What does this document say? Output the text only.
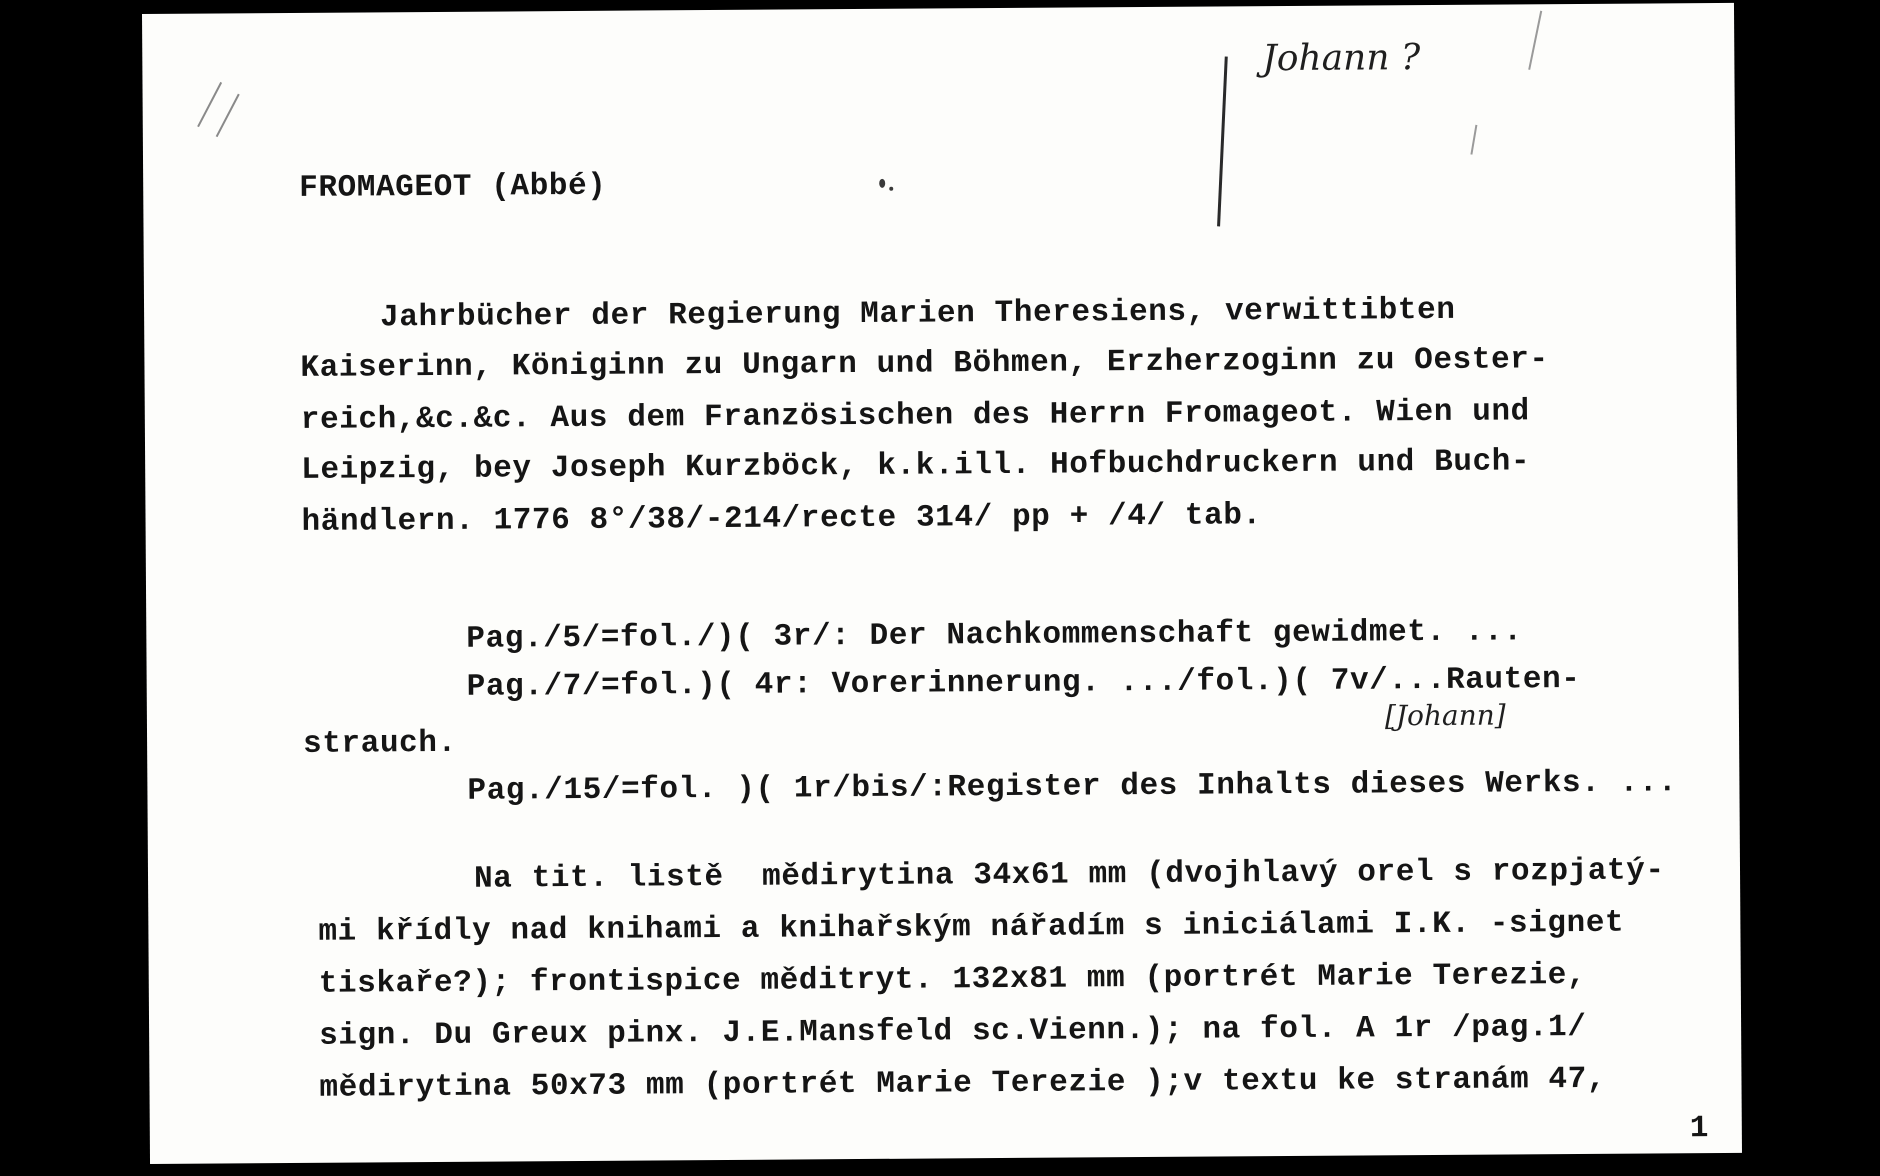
FROMAGEOT (Abbé)
Johann ?
Jahrbücher der Regierung Marien Theresiens, verwittibten
Kaiserinn, Königinn zu Ungarn und Böhmen, Erzherzoginn zu Oester-
reich,&c.&c. Aus dem Französischen des Herrn Fromageot. Wien und
Leipzig, bey Joseph Kurzböck, k.k.ill. Hofbuchdruckern und Buch-
händlern. 1776 8°/38/-214/recte 314/ pp + /4/ tab.
Pag./5/=fol./)( 3r/: Der Nachkommenschaft gewidmet. ...
Pag./7/=fol.)( 4r: Vorerinnerung. .../fol.)( 7v/...Rauten-
[Johann]
strauch.
Pag./15/=fol. )( 1r/bis/:Register des Inhalts dieses Werks. ...
Na tit. listě  mědirytina 34x61 mm (dvojhlavý orel s rozpjatý-
mi křídly nad knihami a knihařským nářadím s iniciálami I.K. -signet
tiskaře?); frontispice měditryt. 132x81 mm (portrét Marie Terezie,
sign. Du Greux pinx. J.E.Mansfeld sc.Vienn.); na fol. A 1r /pag.1/
mědirytina 50x73 mm (portrét Marie Terezie );v textu ke stranám 47,
1
